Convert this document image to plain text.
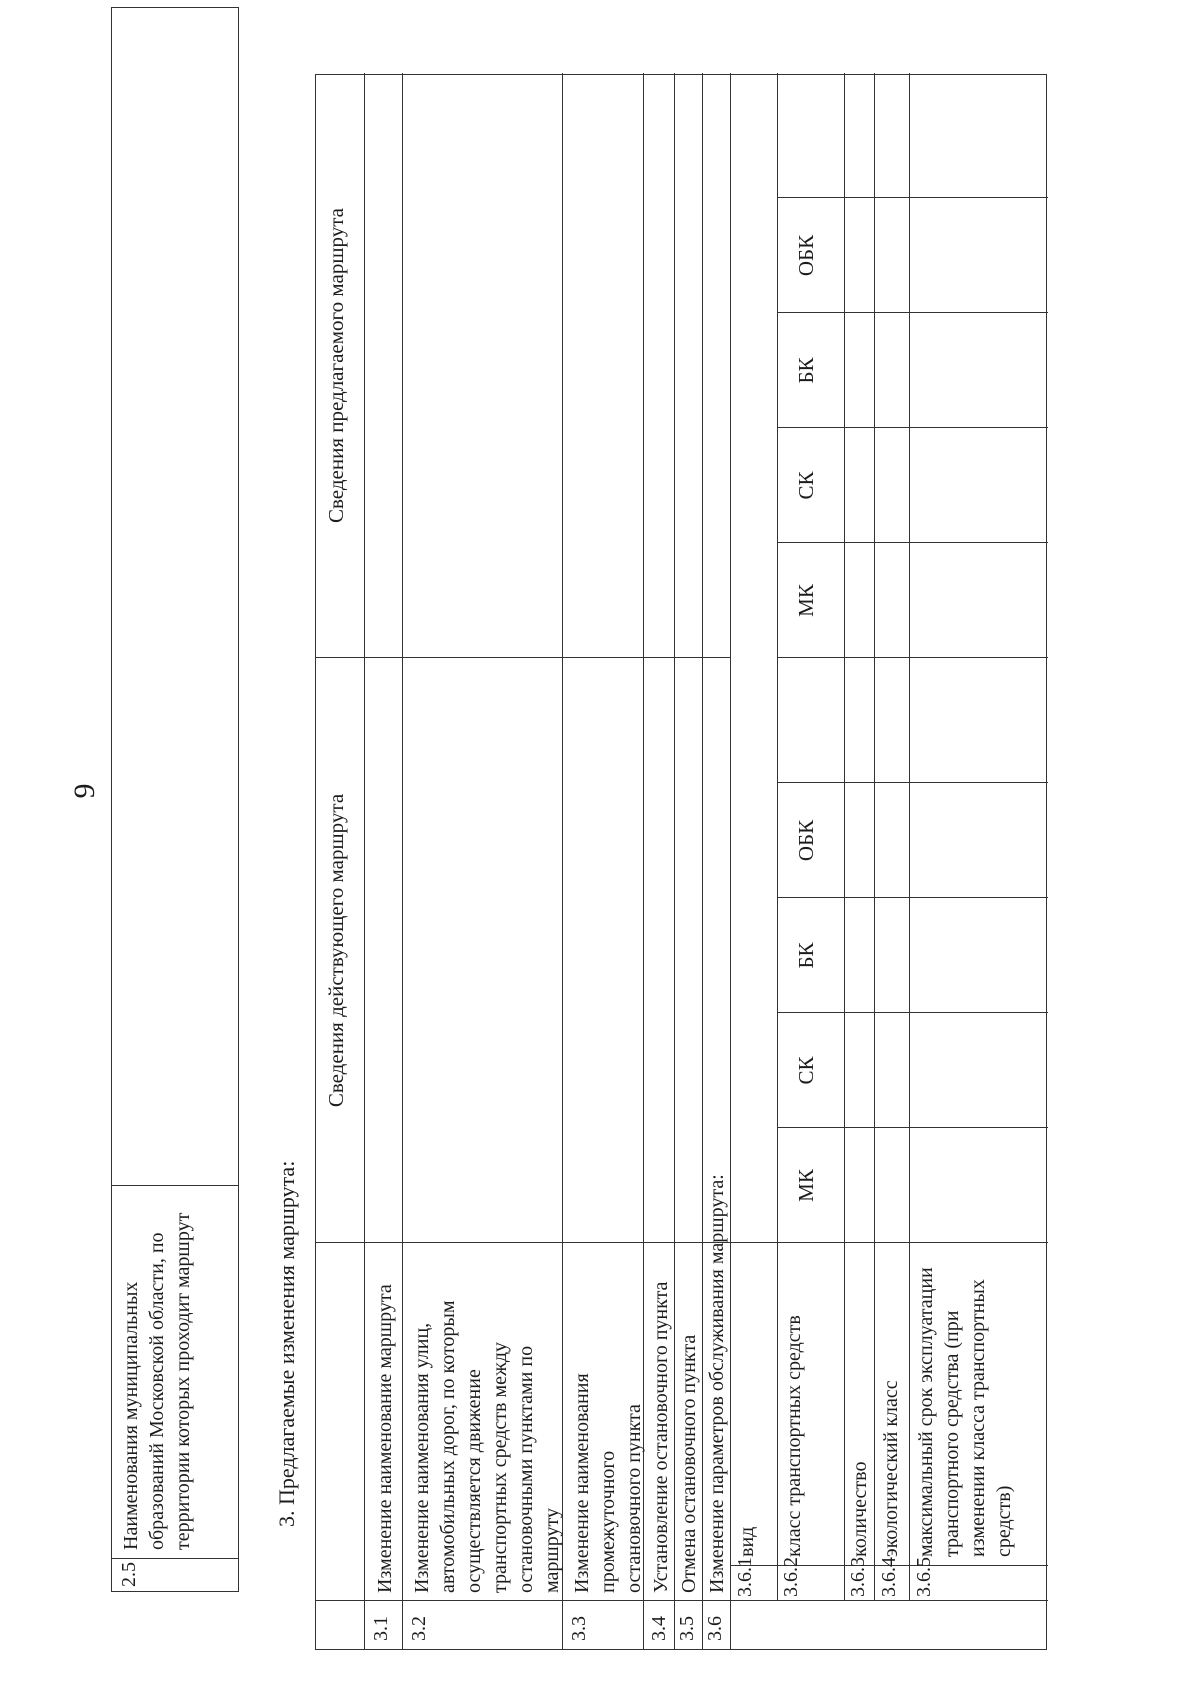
9
2.5
Наименования муниципальных образований Московской области, по территории которых проходит маршрут	3. Предлагаемые изменения маршрута:
Сведения действующего маршрута
Сведения предлагаемого маршрута
3.1
Изменение наименование маршрута
3.2
Изменение наименования улиц, автомобильных дорог, по которым осуществляется движение транспортных средств между остановочными пунктами по маршруту
3.3
Изменение наименования промежуточного остановочного пункта
3.4
Установление остановочного пункта
3.5
Отмена остановочного пункта
3.6
Изменение параметров обслуживания маршрута: 3.6.1
вид
3.6.2
класс транспортных средств
3.6.3
количество
3.6.4
экологический класс
3.6.5
максимальный срок эксплуатации транспортного средства (при изменении класса транспортных средств)
МК
СК
БК
ОБК
МК
СК
БК
ОБК
